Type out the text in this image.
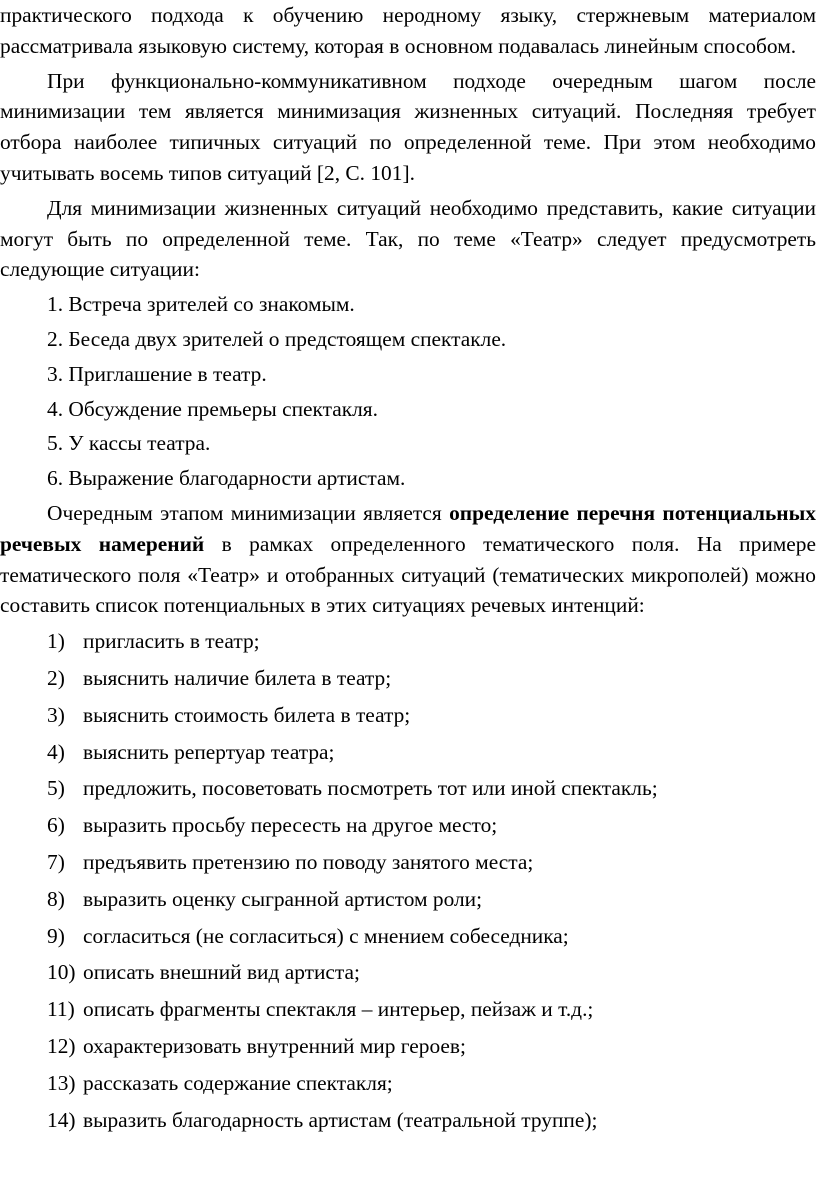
практического подхода к обучению неродному языку, стержневым материалом рассматривала языковую систему, которая в основном подавалась линейным способом.

При функционально-коммуникативном подходе очередным шагом после минимизации тем является минимизация жизненных ситуаций. Последняя требует отбора наиболее типичных ситуаций по определенной теме. При этом необходимо учитывать восемь типов ситуаций [2, С. 101].

Для минимизации жизненных ситуаций необходимо представить, какие ситуации могут быть по определенной теме. Так, по теме «Театр» следует предусмотреть следующие ситуации:

1. Встреча зрителей со знакомым.
2. Беседа двух зрителей о предстоящем спектакле.
3. Приглашение в театр.
4. Обсуждение премьеры спектакля.
5. У кассы театра.
6. Выражение благодарности артистам.

Очередным этапом минимизации является определение перечня потенциальных речевых намерений в рамках определенного тематического поля. На примере тематического поля «Театр» и отобранных ситуаций (тематических микрополей) можно составить список потенциальных в этих ситуациях речевых интенций:

1) пригласить в театр;
2) выяснить наличие билета в театр;
3) выяснить стоимость билета в театр;
4) выяснить репертуар театра;
5) предложить, посоветовать посмотреть тот или иной спектакль;
6) выразить просьбу пересесть на другое место;
7) предъявить претензию по поводу занятого места;
8) выразить оценку сыгранной артистом роли;
9) согласиться (не согласиться) с мнением собеседника;
10) описать внешний вид артиста;
11) описать фрагменты спектакля – интерьер, пейзаж и т.д.;
12) охарактеризовать внутренний мир героев;
13) рассказать содержание спектакля;
14) выразить благодарность артистам (театральной труппе);
